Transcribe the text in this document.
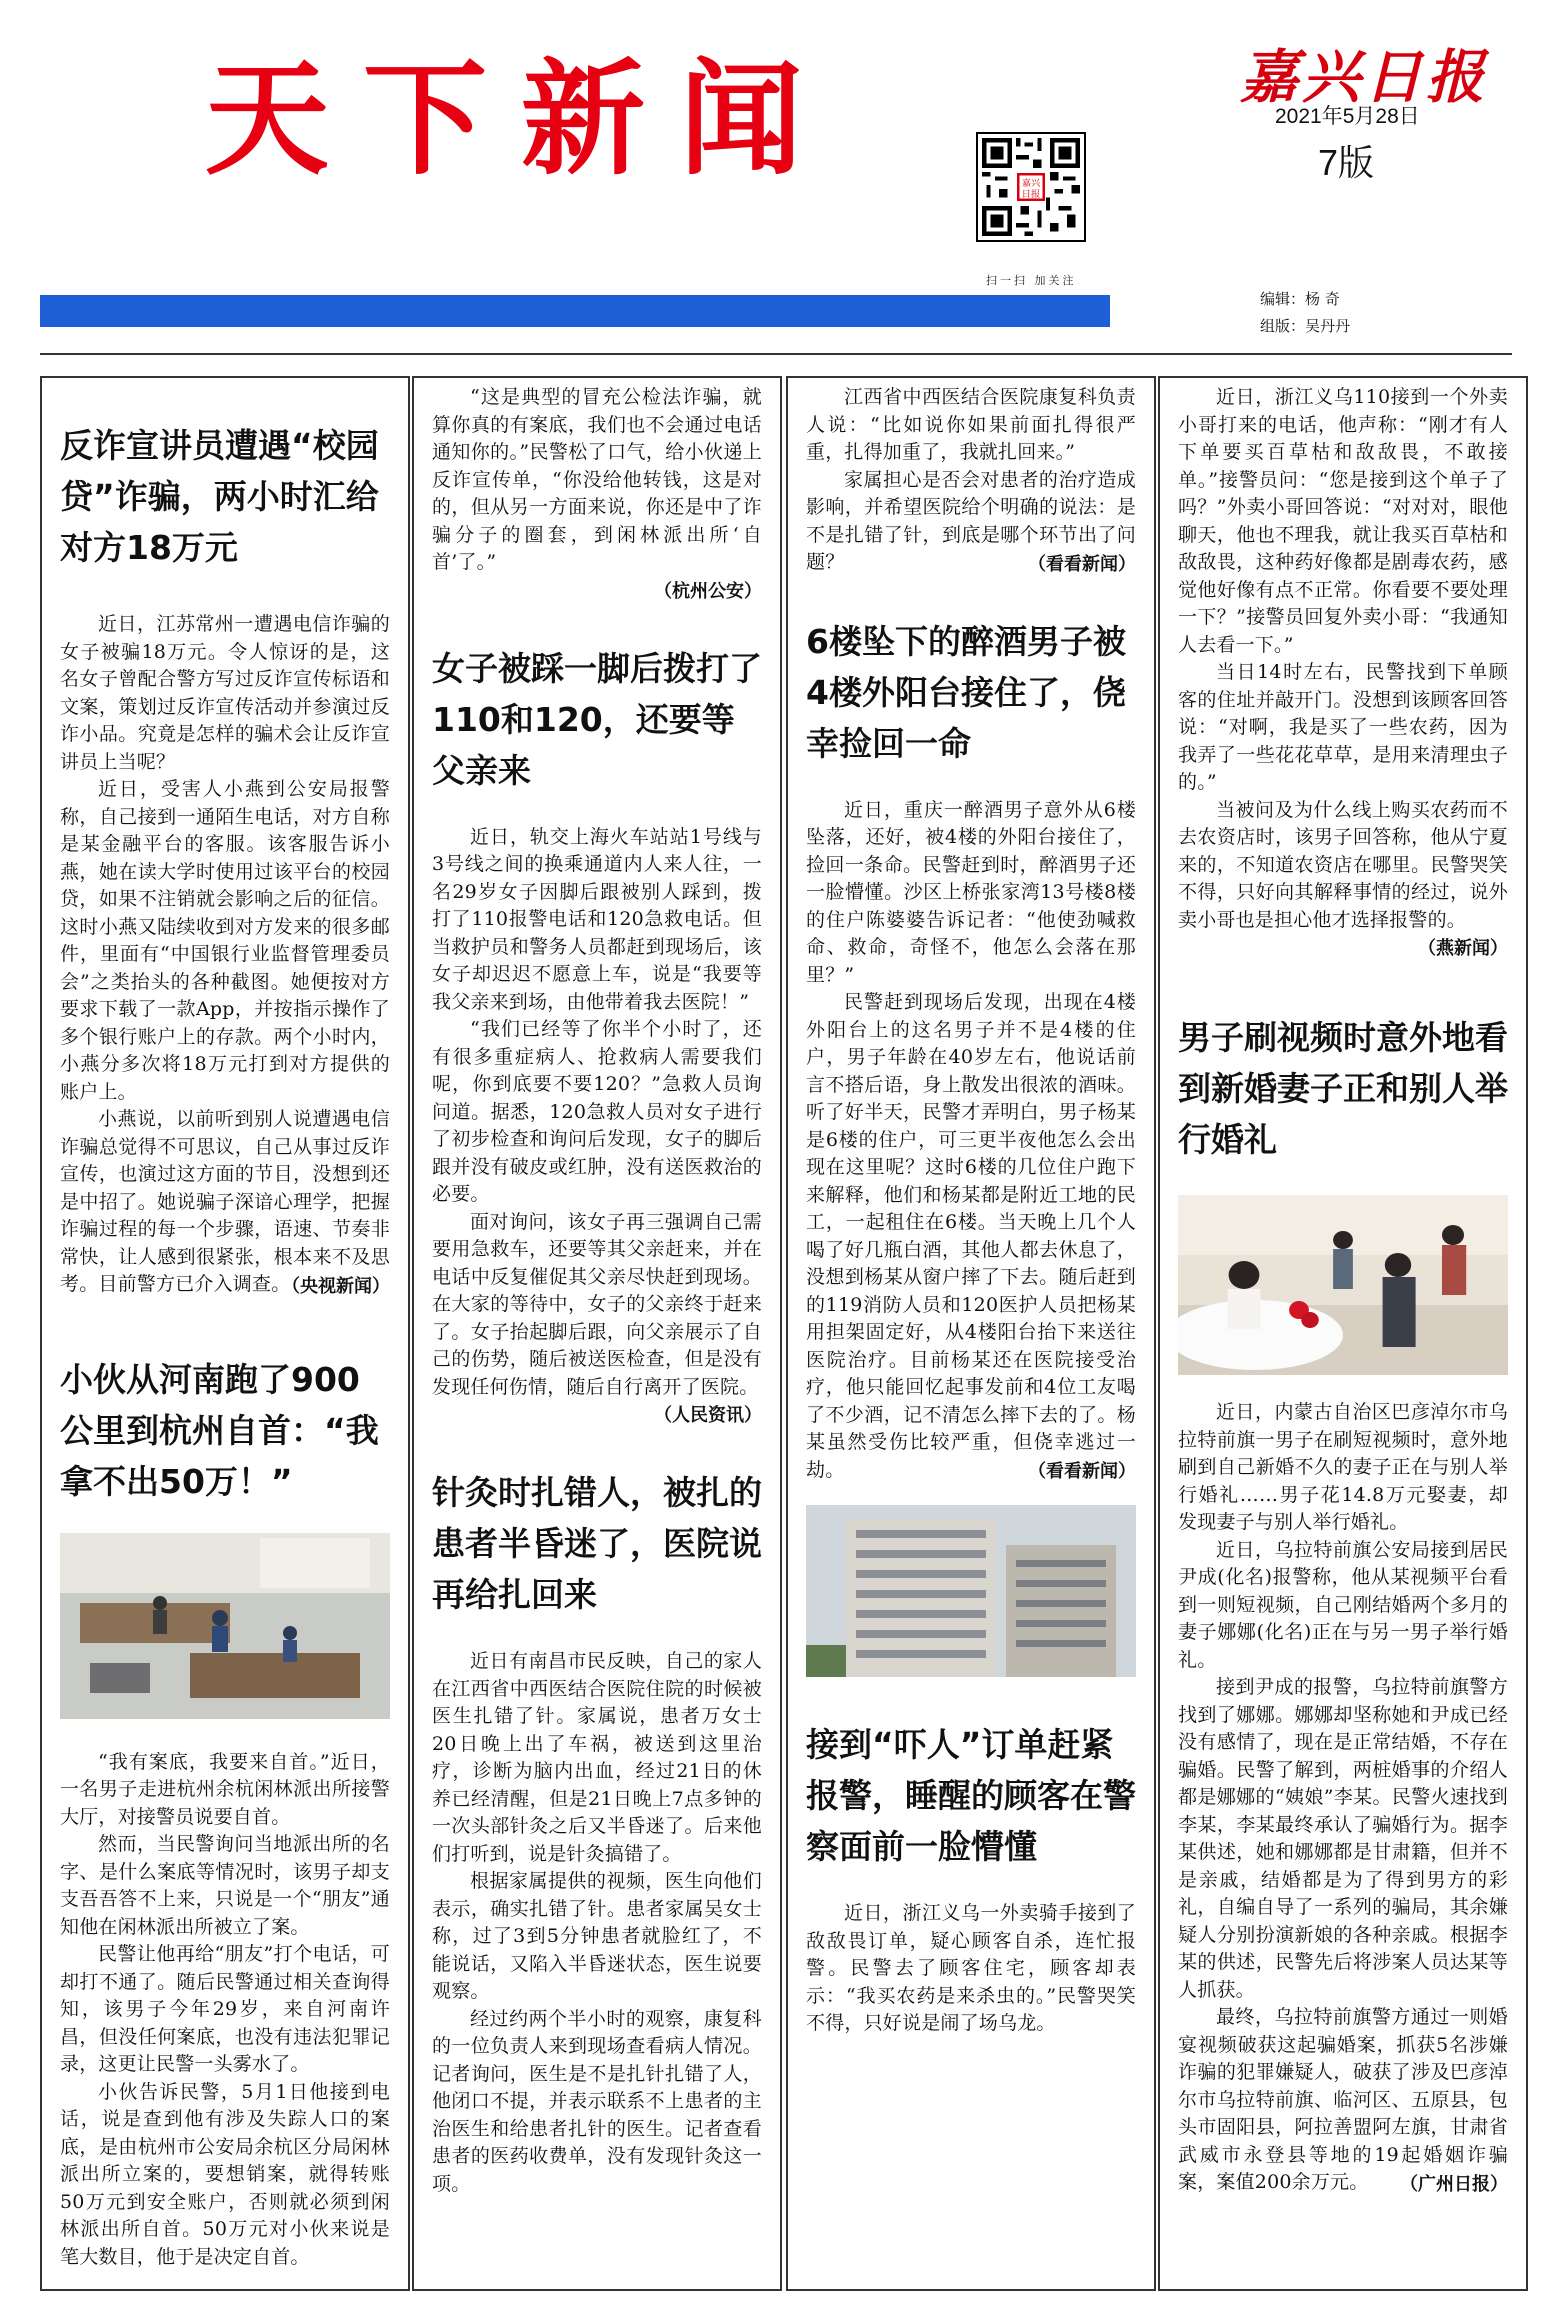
天下新闻	嘉兴
日报
扫一扫 加关注
嘉兴日报
2021年5月28日
7版
编辑：杨 奇
组版：吴丹丹
反诈宣讲员遭遇“校园贷”诈骗，两小时汇给对方18万元

近日，江苏常州一遭遇电信诈骗的女子被骗18万元。令人惊讶的是，这名女子曾配合警方写过反诈宣传标语和文案，策划过反诈宣传活动并参演过反诈小品。究竟是怎样的骗术会让反诈宣讲员上当呢？

近日，受害人小燕到公安局报警称，自己接到一通陌生电话，对方自称是某金融平台的客服。该客服告诉小燕，她在读大学时使用过该平台的校园贷，如果不注销就会影响之后的征信。这时小燕又陆续收到对方发来的很多邮件，里面有“中国银行业监督管理委员会”之类抬头的各种截图。她便按对方要求下载了一款App，并按指示操作了多个银行账户上的存款。两个小时内，小燕分多次将18万元打到对方提供的账户上。

小燕说，以前听到别人说遭遇电信诈骗总觉得不可思议，自己从事过反诈宣传，也演过这方面的节目，没想到还是中招了。她说骗子深谙心理学，把握诈骗过程的每一个步骤，语速、节奏非常快，让人感到很紧张，根本来不及思考。目前警方已介入调查。

（央视新闻）
小伙从河南跑了900公里到杭州自首：“我拿不出50万！”

“我有案底，我要来自首。”近日，一名男子走进杭州余杭闲林派出所接警大厅，对接警员说要自首。

然而，当民警询问当地派出所的名字、是什么案底等情况时，该男子却支支吾吾答不上来，只说是一个“朋友”通知他在闲林派出所被立了案。

民警让他再给“朋友”打个电话，可却打不通了。随后民警通过相关查询得知，该男子今年29岁，来自河南许昌，但没任何案底，也没有违法犯罪记录，这更让民警一头雾水了。

小伙告诉民警，5月1日他接到电话，说是查到他有涉及失踪人口的案底，是由杭州市公安局余杭区分局闲林派出所立案的，要想销案，就得转账50万元到安全账户，否则就必须到闲林派出所自首。50万元对小伙来说是笔大数目，他于是决定自首。

“这是典型的冒充公检法诈骗，就算你真的有案底，我们也不会通过电话通知你的。”民警松了口气，给小伙递上反诈宣传单，“你没给他转钱，这是对的，但从另一方面来说，你还是中了诈骗分子的圈套，到闲林派出所‘自首’了。”

（杭州公安）
女子被踩一脚后拨打了110和120，还要等父亲来

近日，轨交上海火车站站1号线与3号线之间的换乘通道内人来人往，一名29岁女子因脚后跟被别人踩到，拨打了110报警电话和120急救电话。但当救护员和警务人员都赶到现场后，该女子却迟迟不愿意上车，说是“我要等我父亲来到场，由他带着我去医院！”

“我们已经等了你半个小时了，还有很多重症病人、抢救病人需要我们呢，你到底要不要120？”急救人员询问道。据悉，120急救人员对女子进行了初步检查和询问后发现，女子的脚后跟并没有破皮或红肿，没有送医救治的必要。

面对询问，该女子再三强调自己需要用急救车，还要等其父亲赶来，并在电话中反复催促其父亲尽快赶到现场。在大家的等待中，女子的父亲终于赶来了。女子抬起脚后跟，向父亲展示了自己的伤势，随后被送医检查，但是没有发现任何伤情，随后自行离开了医院。

（人民资讯）
针灸时扎错人，被扎的患者半昏迷了，医院说再给扎回来

近日有南昌市民反映，自己的家人在江西省中西医结合医院住院的时候被医生扎错了针。家属说，患者万女士20日晚上出了车祸，被送到这里治疗，诊断为脑内出血，经过21日的休养已经清醒，但是21日晚上7点多钟的一次头部针灸之后又半昏迷了。后来他们打听到，说是针灸搞错了。

根据家属提供的视频，医生向他们表示，确实扎错了针。患者家属吴女士称，过了3到5分钟患者就脸红了，不能说话，又陷入半昏迷状态，医生说要观察。

经过约两个半小时的观察，康复科的一位负责人来到现场查看病人情况。记者询问，医生是不是扎针扎错了人，他闭口不提，并表示联系不上患者的主治医生和给患者扎针的医生。记者查看患者的医药收费单，没有发现针灸这一项。

江西省中西医结合医院康复科负责人说：“比如说你如果前面扎得很严重，扎得加重了，我就扎回来。”

家属担心是否会对患者的治疗造成影响，并希望医院给个明确的说法：是不是扎错了针，到底是哪个环节出了问题？	（看看新闻）
6楼坠下的醉酒男子被4楼外阳台接住了，侥幸捡回一命

近日，重庆一醉酒男子意外从6楼坠落，还好，被4楼的外阳台接住了，捡回一条命。民警赶到时，醉酒男子还一脸懵懂。沙区上桥张家湾13号楼8楼的住户陈婆婆告诉记者：“他使劲喊救命、救命，奇怪不，他怎么会落在那里？”

民警赶到现场后发现，出现在4楼外阳台上的这名男子并不是4楼的住户，男子年龄在40岁左右，他说话前言不搭后语，身上散发出很浓的酒味。听了好半天，民警才弄明白，男子杨某是6楼的住户，可三更半夜他怎么会出现在这里呢？这时6楼的几位住户跑下来解释，他们和杨某都是附近工地的民工，一起租住在6楼。当天晚上几个人喝了好几瓶白酒，其他人都去休息了，没想到杨某从窗户摔了下去。随后赶到的119消防人员和120医护人员把杨某用担架固定好，从4楼阳台抬下来送往医院治疗。目前杨某还在医院接受治疗，他只能回忆起事发前和4位工友喝了不少酒，记不清怎么摔下去的了。杨某虽然受伤比较严重，但侥幸逃过一劫。	（看看新闻）
接到“吓人”订单赶紧报警，睡醒的顾客在警察面前一脸懵懂

近日，浙江义乌一外卖骑手接到了敌敌畏订单，疑心顾客自杀，连忙报警。民警去了顾客住宅，顾客却表示：“我买农药是来杀虫的。”民警哭笑不得，只好说是闹了场乌龙。

近日，浙江义乌110接到一个外卖小哥打来的电话，他声称：“刚才有人下单要买百草枯和敌敌畏，不敢接单。”接警员问：“您是接到这个单子了吗？”外卖小哥回答说：“对对对，眼他聊天，他也不理我，就让我买百草枯和敌敌畏，这种药好像都是剧毒农药，感觉他好像有点不正常。你看要不要处理一下？”接警员回复外卖小哥：“我通知人去看一下。”

当日14时左右，民警找到下单顾客的住址并敲开门。没想到该顾客回答说：“对啊，我是买了一些农药，因为我弄了一些花花草草，是用来清理虫子的。”

当被问及为什么线上购买农药而不去农资店时，该男子回答称，他从宁夏来的，不知道农资店在哪里。民警哭笑不得，只好向其解释事情的经过，说外卖小哥也是担心他才选择报警的。

（燕新闻）
男子刷视频时意外地看到新婚妻子正和别人举行婚礼

近日，内蒙古自治区巴彦淖尔市乌拉特前旗一男子在刷短视频时，意外地刷到自己新婚不久的妻子正在与别人举行婚礼……男子花14.8万元娶妻，却发现妻子与别人举行婚礼。

近日，乌拉特前旗公安局接到居民尹成(化名)报警称，他从某视频平台看到一则短视频，自己刚结婚两个多月的妻子娜娜(化名)正在与另一男子举行婚礼。

接到尹成的报警，乌拉特前旗警方找到了娜娜。娜娜却坚称她和尹成已经没有感情了，现在是正常结婚，不存在骗婚。民警了解到，两桩婚事的介绍人都是娜娜的“姨娘”李某。民警火速找到李某，李某最终承认了骗婚行为。据李某供述，她和娜娜都是甘肃籍，但并不是亲戚，结婚都是为了得到男方的彩礼，自编自导了一系列的骗局，其余嫌疑人分别扮演新娘的各种亲戚。根据李某的供述，民警先后将涉案人员达某等人抓获。

最终，乌拉特前旗警方通过一则婚宴视频破获这起骗婚案，抓获5名涉嫌诈骗的犯罪嫌疑人，破获了涉及巴彦淖尔市乌拉特前旗、临河区、五原县，包头市固阳县，阿拉善盟阿左旗，甘肃省武威市永登县等地的19起婚姻诈骗案，案值200余万元。	（广州日报）
